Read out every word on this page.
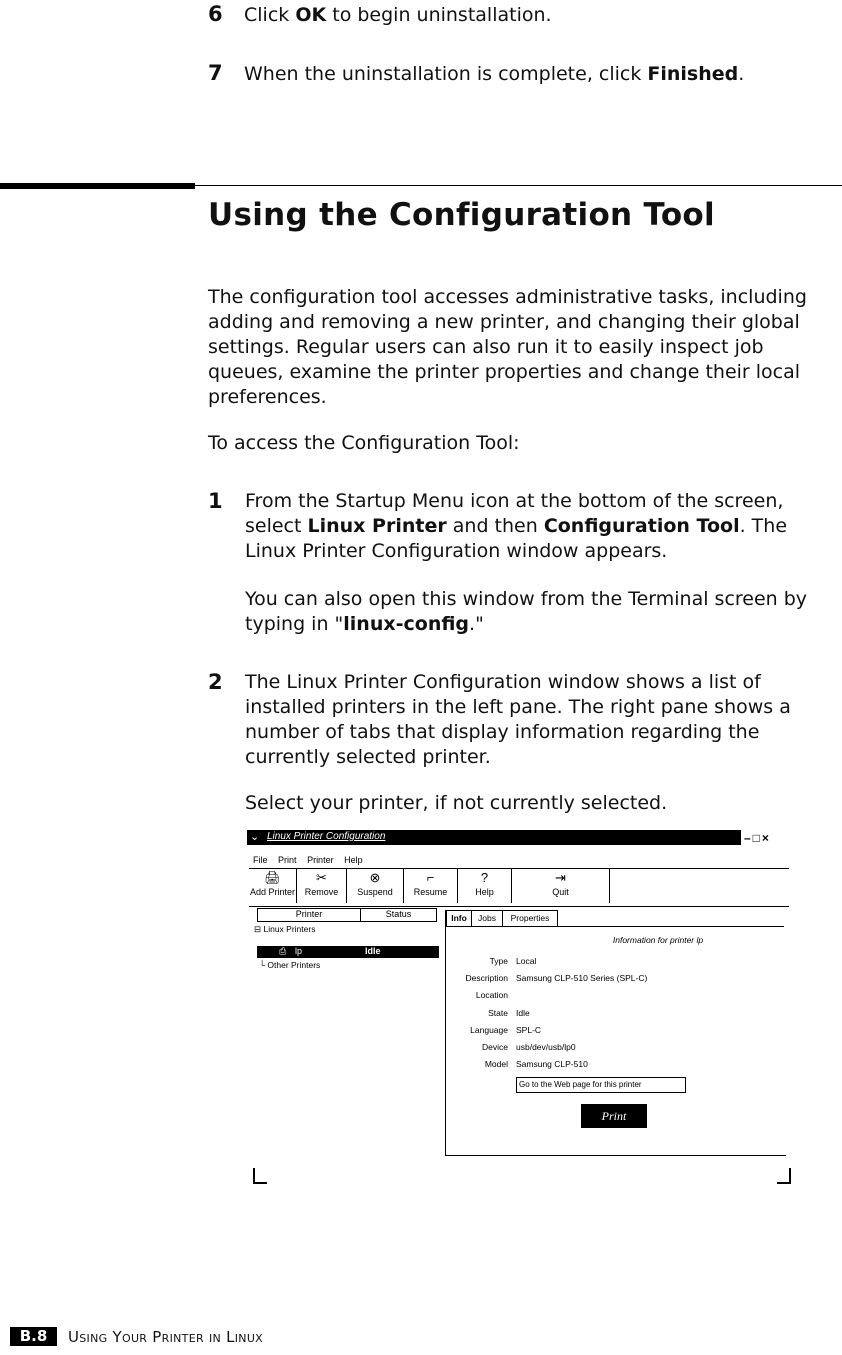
6 Click OK to begin uninstallation.
7 When the uninstallation is complete, click Finished.
Using the Configuration Tool
The configuration tool accesses administrative tasks, including adding and removing a new printer, and changing their global settings. Regular users can also run it to easily inspect job queues, examine the printer properties and change their local preferences.
To access the Configuration Tool:
1 From the Startup Menu icon at the bottom of the screen, select Linux Printer and then Configuration Tool. The Linux Printer Configuration window appears.
You can also open this window from the Terminal screen by typing in "linux-config."
2 The Linux Printer Configuration window shows a list of installed printers in the left pane. The right pane shows a number of tabs that display information regarding the currently selected printer.
Select your printer, if not currently selected.
⌄ Linux Printer Configuration	–□×
File Print Printer Help
🖨
Add Printer
✂
Remove
⊗
Suspend
⌐
Resume
?
Help
⇥
Quit
Printer	Status
⊟ Linux Printers
⎙ lp	Idle
└ Other Printers
Info	Jobs	Properties
Information for printer lp
Type Local
Description Samsung CLP-510 Series (SPL-C)
Location
State Idle
Language SPL-C
Device usb/dev/usb/lp0
Model Samsung CLP-510
Go to the Web page for this printer
Print
B.8	Using Your Printer in Linux
